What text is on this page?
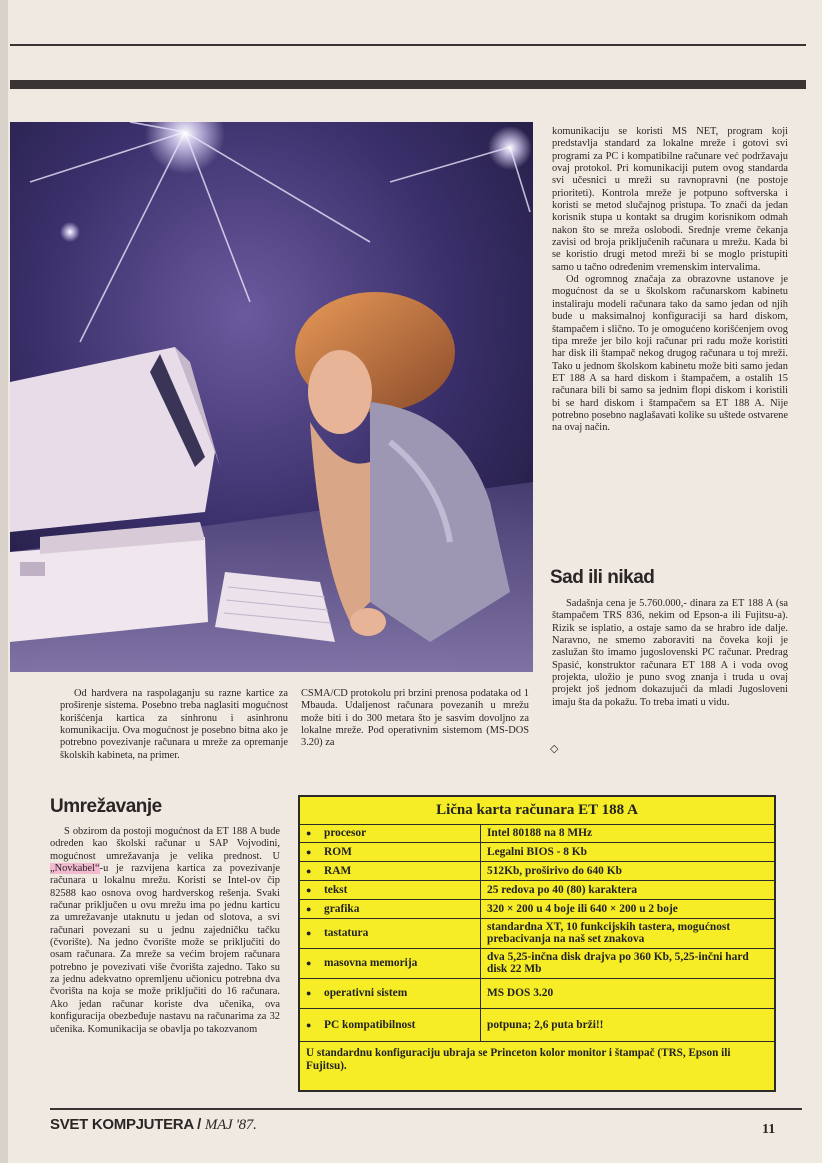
komunikaciju se koristi MS NET, program koji predstavlja standard za lokalne mreže i gotovi svi programi za PC i kompatibilne računare već podržavaju ovaj protokol. Pri komunikaciji putem ovog standarda svi učesnici u mreži su ravnopravni (ne postoje prioriteti). Kontrola mreže je potpuno softverska i koristi se metod slučajnog pristupa. To znači da jedan korisnik stupa u kontakt sa drugim korisnikom odmah nakon što se mreža oslobodi. Srednje vreme čekanja zavisi od broja priključenih računara u mrežu. Kada bi se koristio drugi metod mreži bi se moglo pristupiti samo u tačno određenim vremenskim intervalima.

Od ogromnog značaja za obrazovne ustanove je mogućnost da se u školskom računarskom kabinetu instaliraju modeli računara tako da samo jedan od njih bude u maksimalnoj konfiguraciji sa hard diskom, štampačem i slično. To je omogućeno korišćenjem ovog tipa mreže jer bilo koji računar pri radu može koristiti har disk ili štampač nekog drugog računara u toj mreži. Tako u jednom školskom kabinetu može biti samo jedan ET 188 A sa hard diskom i štampačem, a ostalih 15 računara bili bi samo sa jednim flopi diskom i koristili bi se hard diskom i štampačem sa ET 188 A. Nije potrebno posebno naglašavati kolike su uštede ostvarene na ovaj način.

Sad ili nikad

Sadašnja cena je 5.760.000,- dinara za ET 188 A (sa štampačem TRS 836, nekim od Epson-a ili Fujitsu-a). Rizik se isplatio, a ostaje samo da se hrabro ide dalje. Naravno, ne smemo zaboraviti na čoveka koji je zaslužan što imamo jugoslovenski PC računar. Predrag Spasić, konstruktor računara ET 188 A i voda ovog projekta, uložio je puno svog znanja i truda u ovaj projekt još jednom dokazujući da mladi Jugosloveni imaju šta da pokažu. To treba imati u vidu.

◇

Od hardvera na raspolaganju su razne kartice za proširenje sistema. Posebno treba naglasiti mogućnost korišćenja kartica za sinhronu i asinhronu komunikaciju. Ova mogućnost je posebno bitna ako je potrebno povezivanje računara u mreže za opremanje školskih kabineta, na primer.

CSMA/CD protokolu pri brzini prenosa podataka od 1 Mbauda. Udaljenost računara povezanih u mrežu može biti i do 300 metara što je sasvim dovoljno za lokalne mreže. Pod operativnim sistemom (MS-DOS 3.20) za

Umrežavanje

S obzirom da postoji mogućnost da ET 188 A bude odreden kao školski računar u SAP Vojvodini, mogućnost umrežavanja je velika prednost. U „Novkabel“-u je razvijena kartica za povezivanje računara u lokalnu mrežu. Koristi se Intel-ov čip 82588 kao osnova ovog hardverskog rešenja. Svaki računar priključen u ovu mrežu ima po jednu karticu za umrežavanje utaknutu u jedan od slotova, a svi računari povezani su u jednu zajedničku tačku (čvorište). Na jedno čvorište može se priključiti do osam računara. Za mreže sa većim brojem računara potrebno je povezivati više čvorišta zajedno. Tako su za jednu adekvatno opremljenu učionicu potrebna dva čvorišta na koja se može priključiti do 16 računara. Ako jedan računar koriste dva učenika, ova konfiguracija obezbeđuje nastavu na računarima za 32 učenika. Komunikacija se obavlja po takozvanom

Lična karta računara ET 188 A
● procesor	Intel 80188 na 8 MHz
● ROM	Legalni BIOS - 8 Kb
● RAM	512Kb, proširivo do 640 Kb
● tekst	25 redova po 40 (80) karaktera
● grafika	320 × 200 u 4 boje ili 640 × 200 u 2 boje
● tastatura	standardna XT, 10 funkcijskih tastera, mogućnost prebacivanja na naš set znakova
● masovna memorija	dva 5,25-inčna disk drajva po 360 Kb, 5,25-inčni hard disk 22 Mb
● operativni sistem	MS DOS 3.20
● PC kompatibilnost	potpuna; 2,6 puta brži!!
U standardnu konfiguraciju ubraja se Princeton kolor monitor i štampač (TRS, Epson ili Fujitsu).
SVET KOMPJUTERA / MAJ '87.	11
